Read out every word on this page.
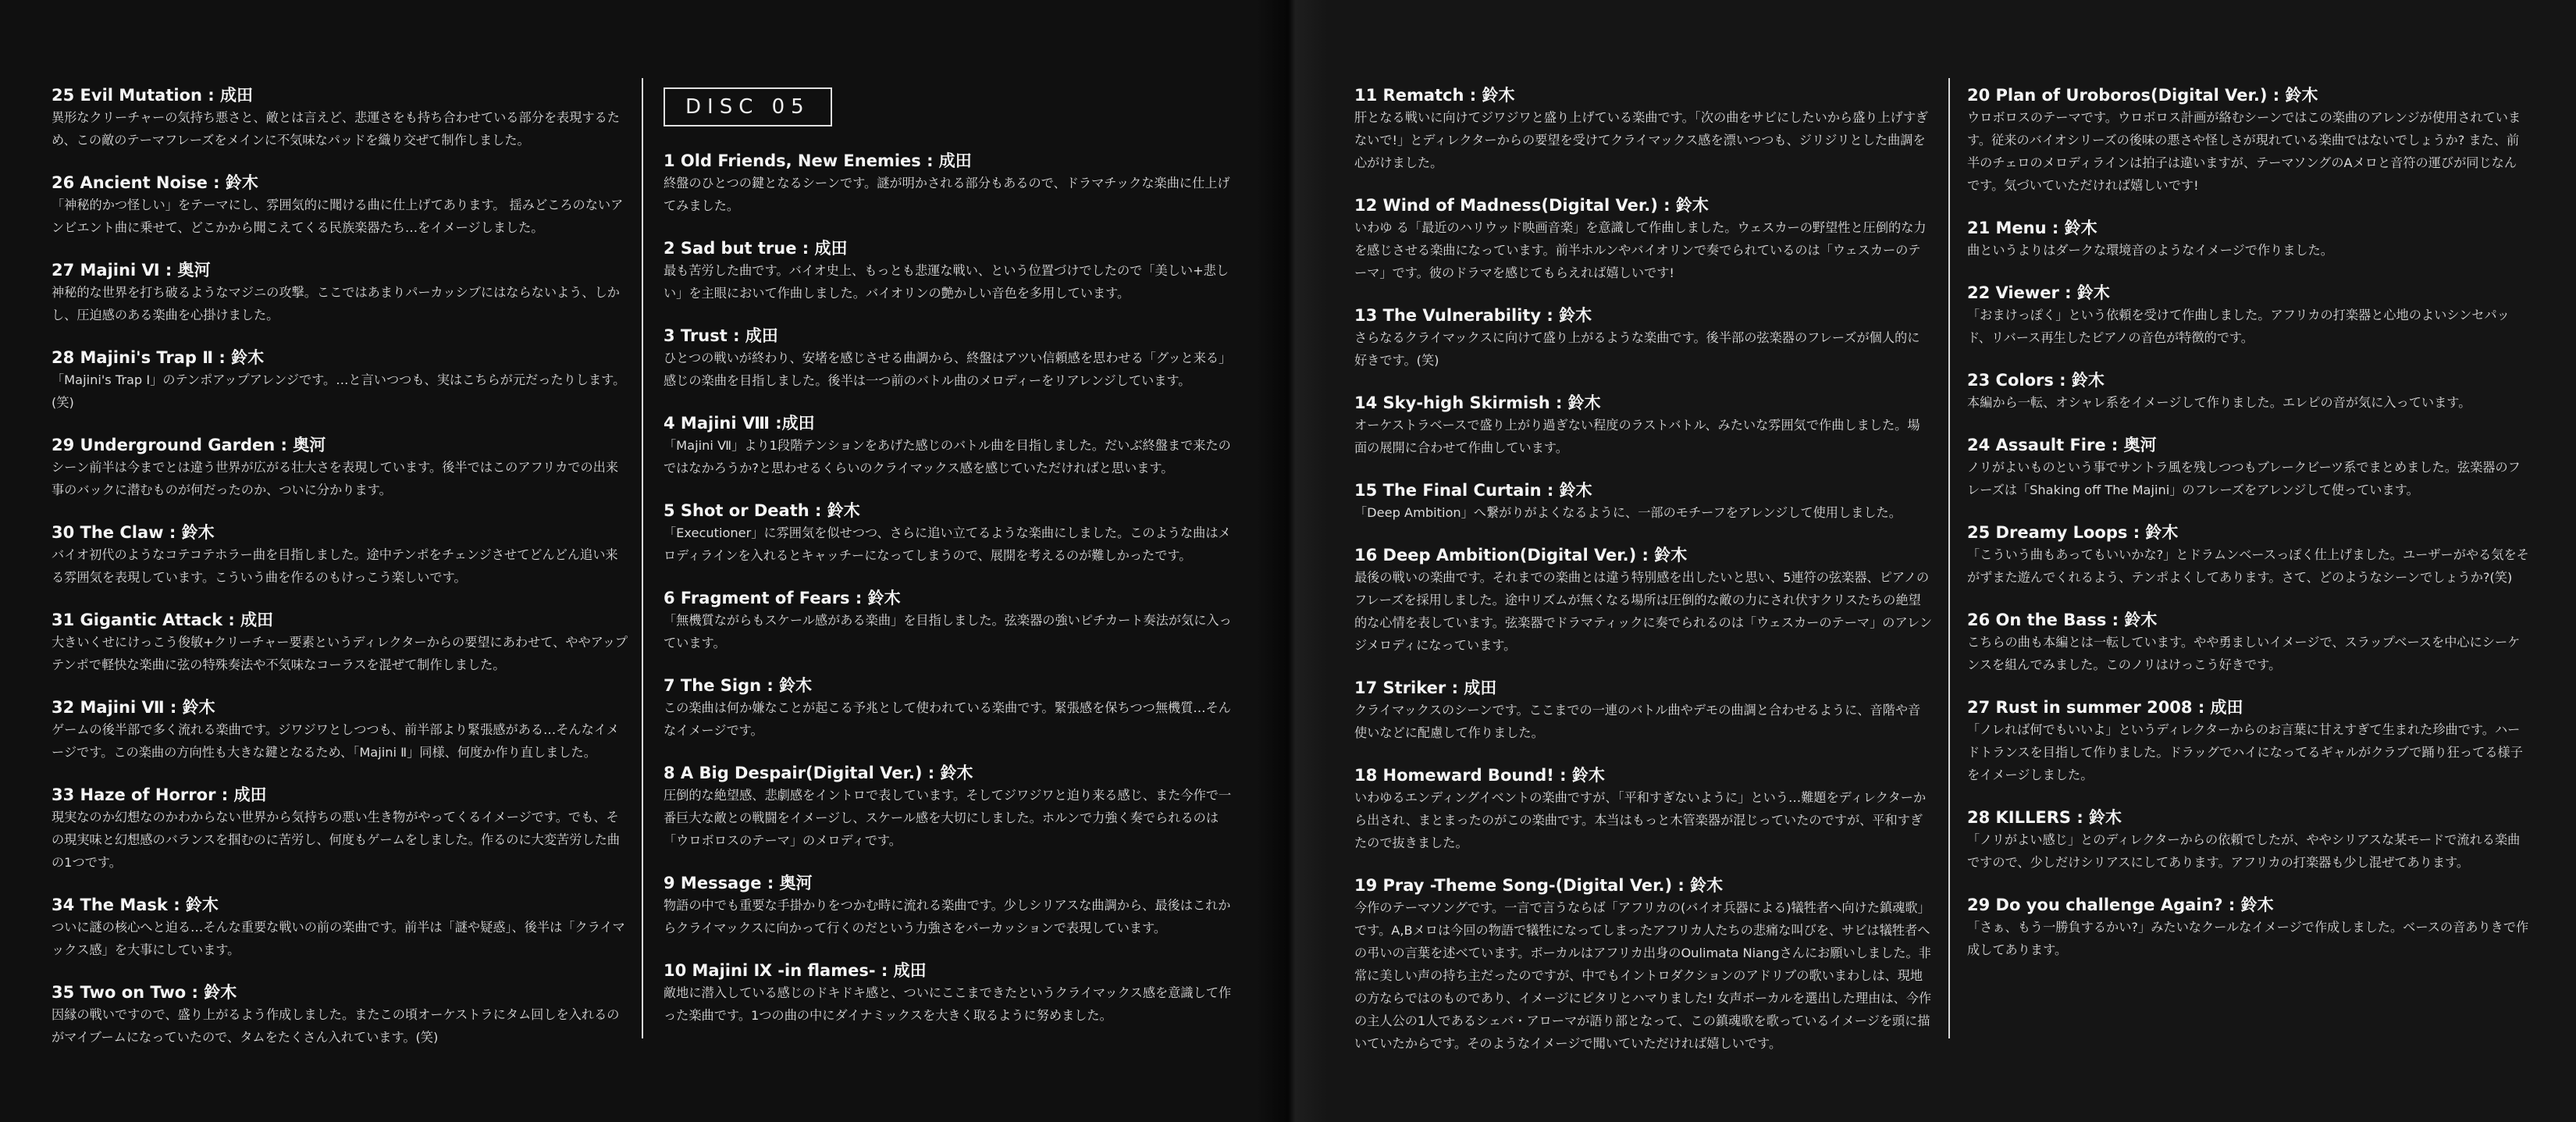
DISC 05
25 Evil Mutation : 成田
異形なクリーチャーの気持ち悪さと、敵とは言えど、悲運さをも持ち合わせている部分を表現するため、この敵のテーマフレーズをメインに不気味なパッドを織り交ぜて制作しました。
26 Ancient Noise : 鈴木
「神秘的かつ怪しい」をテーマにし、雰囲気的に聞ける曲に仕上げてあります。 揺みどころのないアンビエント曲に乗せて、どこかから聞こえてくる民族楽器たち…をイメージしました。
27 Majini Ⅵ : 奥河
神秘的な世界を打ち破るようなマジニの攻撃。ここではあまりパーカッシブにはならないよう、しかし、圧迫感のある楽曲を心掛けました。
28 Majini's Trap Ⅱ : 鈴木
「Majini's Trap Ⅰ」のテンポアップアレンジです。…と言いつつも、実はこちらが元だったりします。(笑)
29 Underground Garden : 奥河
シーン前半は今までとは違う世界が広がる壮大さを表現しています。後半ではこのアフリカでの出来事のバックに潜むものが何だったのか、ついに分かります。
30 The Claw : 鈴木
バイオ初代のようなコテコテホラー曲を目指しました。途中テンポをチェンジさせてどんどん追い来る雰囲気を表現しています。こういう曲を作るのもけっこう楽しいです。
31 Gigantic Attack : 成田
大きいくせにけっこう俊敏+クリーチャー要素というディレクターからの要望にあわせて、ややアップテンポで軽快な楽曲に弦の特殊奏法や不気味なコーラスを混ぜて制作しました。
32 Majini Ⅶ : 鈴木
ゲームの後半部で多く流れる楽曲です。ジワジワとしつつも、前半部より緊張感がある…そんなイメージです。この楽曲の方向性も大きな鍵となるため、「Majini Ⅱ」同様、何度か作り直しました。
33 Haze of Horror : 成田
現実なのか幻想なのかわからない世界から気持ちの悪い生き物がやってくるイメージです。でも、その現実味と幻想感のバランスを掴むのに苦労し、何度もゲームをしました。作るのに大変苦労した曲の1つです。
34 The Mask : 鈴木
ついに謎の核心へと迫る…そんな重要な戦いの前の楽曲です。前半は「謎や疑惑」、後半は「クライマックス感」を大事にしています。
35 Two on Two : 鈴木
因縁の戦いですので、盛り上がるよう作成しました。またこの頃オーケストラにタム回しを入れるのがマイブームになっていたので、タムをたくさん入れています。(笑)
1 Old Friends, New Enemies : 成田
終盤のひとつの鍵となるシーンです。謎が明かされる部分もあるので、ドラマチックな楽曲に仕上げてみました。
2 Sad but true : 成田
最も苦労した曲です。バイオ史上、もっとも悲運な戦い、という位置づけでしたので「美しい+悲しい」を主眼において作曲しました。バイオリンの艶かしい音色を多用しています。
3 Trust : 成田
ひとつの戦いが終わり、安堵を感じさせる曲調から、終盤はアツい信頼感を思わせる「グッと来る」感じの楽曲を目指しました。後半は一つ前のバトル曲のメロディーをリアレンジしています。
4 Majini Ⅷ :成田
「Majini Ⅶ」より1段階テンションをあげた感じのバトル曲を目指しました。だいぶ終盤まで来たのではなかろうか?と思わせるくらいのクライマックス感を感じていただければと思います。
5 Shot or Death : 鈴木
「Executioner」に雰囲気を似せつつ、さらに追い立てるような楽曲にしました。このような曲はメロディラインを入れるとキャッチーになってしまうので、展開を考えるのが難しかったです。
6 Fragment of Fears : 鈴木
「無機質ながらもスケール感がある楽曲」を目指しました。弦楽器の強いピチカート奏法が気に入っています。
7 The Sign : 鈴木
この楽曲は何か嫌なことが起こる予兆として使われている楽曲です。緊張感を保ちつつ無機質…そんなイメージです。
8 A Big Despair(Digital Ver.) : 鈴木
圧倒的な絶望感、悲劇感をイントロで表しています。そしてジワジワと迫り来る感じ、また今作で一番巨大な敵との戦闘をイメージし、スケール感を大切にしました。ホルンで力強く奏でられるのは「ウロボロスのテーマ」のメロディです。
9 Message : 奥河
物語の中でも重要な手掛かりをつかむ時に流れる楽曲です。少しシリアスな曲調から、最後はこれからクライマックスに向かって行くのだという力強さをパーカッションで表現しています。
10 Majini Ⅸ -in flames- : 成田
敵地に潜入している感じのドキドキ感と、ついにここまできたというクライマックス感を意識して作った楽曲です。1つの曲の中にダイナミックスを大きく取るように努めました。
11 Rematch : 鈴木
肝となる戦いに向けてジワジワと盛り上げている楽曲です。「次の曲をサビにしたいから盛り上げすぎないで!」とディレクターからの要望を受けてクライマックス感を漂いつつも、ジリジリとした曲調を心がけました。
12 Wind of Madness(Digital Ver.) : 鈴木
いわゆ る「最近のハリウッド映画音楽」を意識して作曲しました。ウェスカーの野望性と圧倒的な力を感じさせる楽曲になっています。前半ホルンやバイオリンで奏でられているのは「ウェスカーのテーマ」です。彼のドラマを感じてもらえれば嬉しいです!
13 The Vulnerability : 鈴木
さらなるクライマックスに向けて盛り上がるような楽曲です。後半部の弦楽器のフレーズが個人的に好きです。(笑)
14 Sky-high Skirmish : 鈴木
オーケストラベースで盛り上がり過ぎない程度のラストバトル、みたいな雰囲気で作曲しました。場面の展開に合わせて作曲しています。
15 The Final Curtain : 鈴木
「Deep Ambition」へ繋がりがよくなるように、一部のモチーフをアレンジして使用しました。
16 Deep Ambition(Digital Ver.) : 鈴木
最後の戦いの楽曲です。それまでの楽曲とは違う特別感を出したいと思い、5連符の弦楽器、ピアノのフレーズを採用しました。途中リズムが無くなる場所は圧倒的な敵の力にされ伏すクリスたちの絶望的な心情を表しています。弦楽器でドラマティックに奏でられるのは「ウェスカーのテーマ」のアレンジメロディになっています。
17 Striker : 成田
クライマックスのシーンです。ここまでの一連のバトル曲やデモの曲調と合わせるように、音階や音使いなどに配慮して作りました。
18 Homeward Bound! : 鈴木
いわゆるエンディングイベントの楽曲ですが、「平和すぎないように」という…難題をディレクターから出され、まとまったのがこの楽曲です。本当はもっと木管楽器が混じっていたのですが、平和すぎたので抜きました。
19 Pray -Theme Song-(Digital Ver.) : 鈴木
今作のテーマソングです。一言で言うならば「アフリカの(バイオ兵器による)犠牲者へ向けた鎮魂歌」です。A,Bメロは今回の物語で犠牲になってしまったアフリカ人たちの悲痛な叫びを、サビは犠牲者への弔いの言葉を述べています。ボーカルはアフリカ出身のOulimata Niangさんにお願いしました。非常に美しい声の持ち主だったのですが、中でもイントロダクションのアドリブの歌いまわしは、現地の方ならではのものであり、イメージにピタリとハマりました! 女声ボーカルを選出した理由は、今作の主人公の1人であるシェバ・アローマが語り部となって、この鎮魂歌を歌っているイメージを頭に描いていたからです。そのようなイメージで聞いていただければ嬉しいです。
20 Plan of Uroboros(Digital Ver.) : 鈴木
ウロボロスのテーマです。ウロボロス計画が絡むシーンではこの楽曲のアレンジが使用されています。従来のバイオシリーズの後味の悪さや怪しさが現れている楽曲ではないでしょうか? また、前半のチェロのメロディラインは拍子は違いますが、テーマソングのAメロと音符の運びが同じなんです。気づいていただければ嬉しいです!
21 Menu : 鈴木
曲というよりはダークな環境音のようなイメージで作りました。
22 Viewer : 鈴木
「おまけっぽく」という依頼を受けて作曲しました。アフリカの打楽器と心地のよいシンセパッド、リバース再生したピアノの音色が特徴的です。
23 Colors : 鈴木
本編から一転、オシャレ系をイメージして作りました。エレピの音が気に入っています。
24 Assault Fire : 奥河
ノリがよいものという事でサントラ風を残しつつもブレークビーツ系でまとめました。弦楽器のフレーズは「Shaking off The Majini」のフレーズをアレンジして使っています。
25 Dreamy Loops : 鈴木
「こういう曲もあってもいいかな?」とドラムンベースっぽく仕上げました。ユーザーがやる気をそがずまた遊んでくれるよう、テンポよくしてあります。さて、どのようなシーンでしょうか?(笑)
26 On the Bass : 鈴木
こちらの曲も本編とは一転しています。やや勇ましいイメージで、スラップベースを中心にシーケンスを組んでみました。このノリはけっこう好きです。
27 Rust in summer 2008 : 成田
「ノレれば何でもいいよ」というディレクターからのお言葉に甘えすぎて生まれた珍曲です。ハードトランスを目指して作りました。ドラッグでハイになってるギャルがクラブで踊り狂ってる様子をイメージしました。
28 KILLERS : 鈴木
「ノリがよい感じ」とのディレクターからの依頼でしたが、ややシリアスな某モードで流れる楽曲ですので、少しだけシリアスにしてあります。アフリカの打楽器も少し混ぜてあります。
29 Do you challenge Again? : 鈴木
「さぁ、もう一勝負するかい?」みたいなクールなイメージで作成しました。ベースの音ありきで作成してあります。
